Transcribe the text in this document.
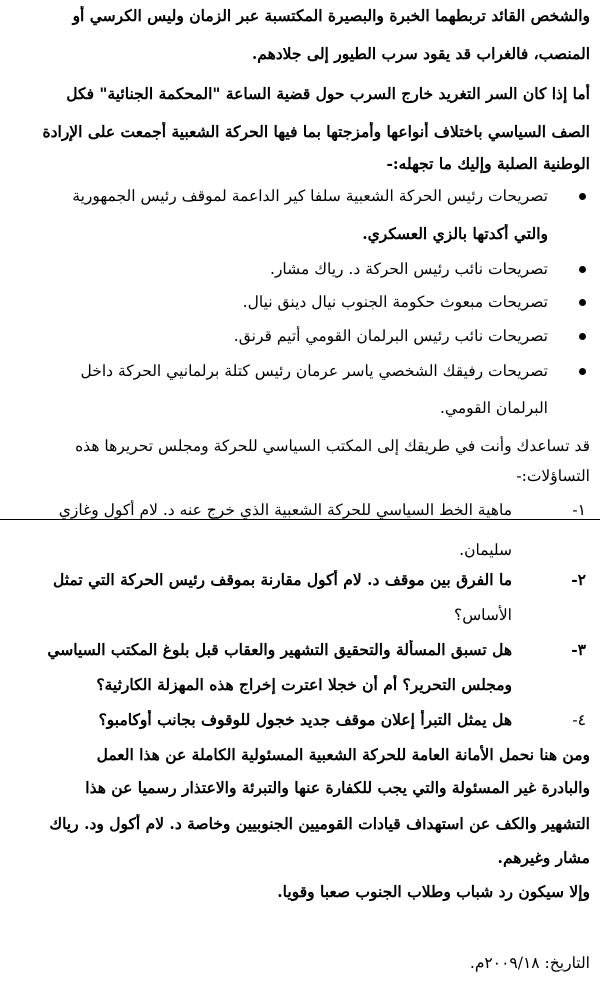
والشخص القائد تربطهما الخبرة والبصيرة المكتسبة عبر الزمان وليس الكرسي أو
المنصب، فالغراب قد يقود سرب الطيور إلى جلادهم.
أما إذا كان السر التغريد خارج السرب حول قضية الساعة "المحكمة الجنائية" فكل
الصف السياسي باختلاف أنواعها وأمزجتها بما فيها الحركة الشعبية أجمعت على الإرادة
الوطنية الصلبة وإليك ما تجهله:-
تصريحات رئيس الحركة الشعبية سلفا كير الداعمة لموقف رئيس الجمهورية
والتي أكدتها بالزي العسكري.
تصريحات نائب رئيس الحركة د. رياك مشار.
تصريحات مبعوث حكومة الجنوب نيال دينق نيال.
تصريحات نائب رئيس البرلمان القومي أتيم قرنق.
تصريحات رفيقك الشخصي ياسر عرمان رئيس كتلة برلمانيي الحركة داخل
البرلمان القومي.
قد تساعدك وأنت في طريقك إلى المكتب السياسي للحركة ومجلس تحريرها هذه
التساؤلات:-
١-
ماهية الخط السياسي للحركة الشعبية الذي خرج عنه د. لام أكول وغازي
سليمان.
٢-
ما الفرق بين موقف د. لام أكول مقارنة بموقف رئيس الحركة التي تمثل
الأساس؟
٣-
هل تسبق المسألة والتحقيق التشهير والعقاب قبل بلوغ المكتب السياسي
ومجلس التحرير؟ أم أن خجلا اعترت إخراج هذه المهزلة الكارثية؟
٤-
هل يمثل التبرأ إعلان موقف جديد خجول للوقوف بجانب أوكامبو؟
ومن هنا نحمل الأمانة العامة للحركة الشعبية المسئولية الكاملة عن هذا العمل
والبادرة غير المسئولة والتي يجب للكفارة عنها والتبرئة والاعتذار رسميا عن هذا
التشهير والكف عن استهداف قيادات القوميين الجنوبيين وخاصة د. لام أكول ود. رياك
مشار وغيرهم.
وإلا سيكون رد شباب وطلاب الجنوب صعبا وقويا.
التاريخ: ٢٠٠٩/١٨م.
